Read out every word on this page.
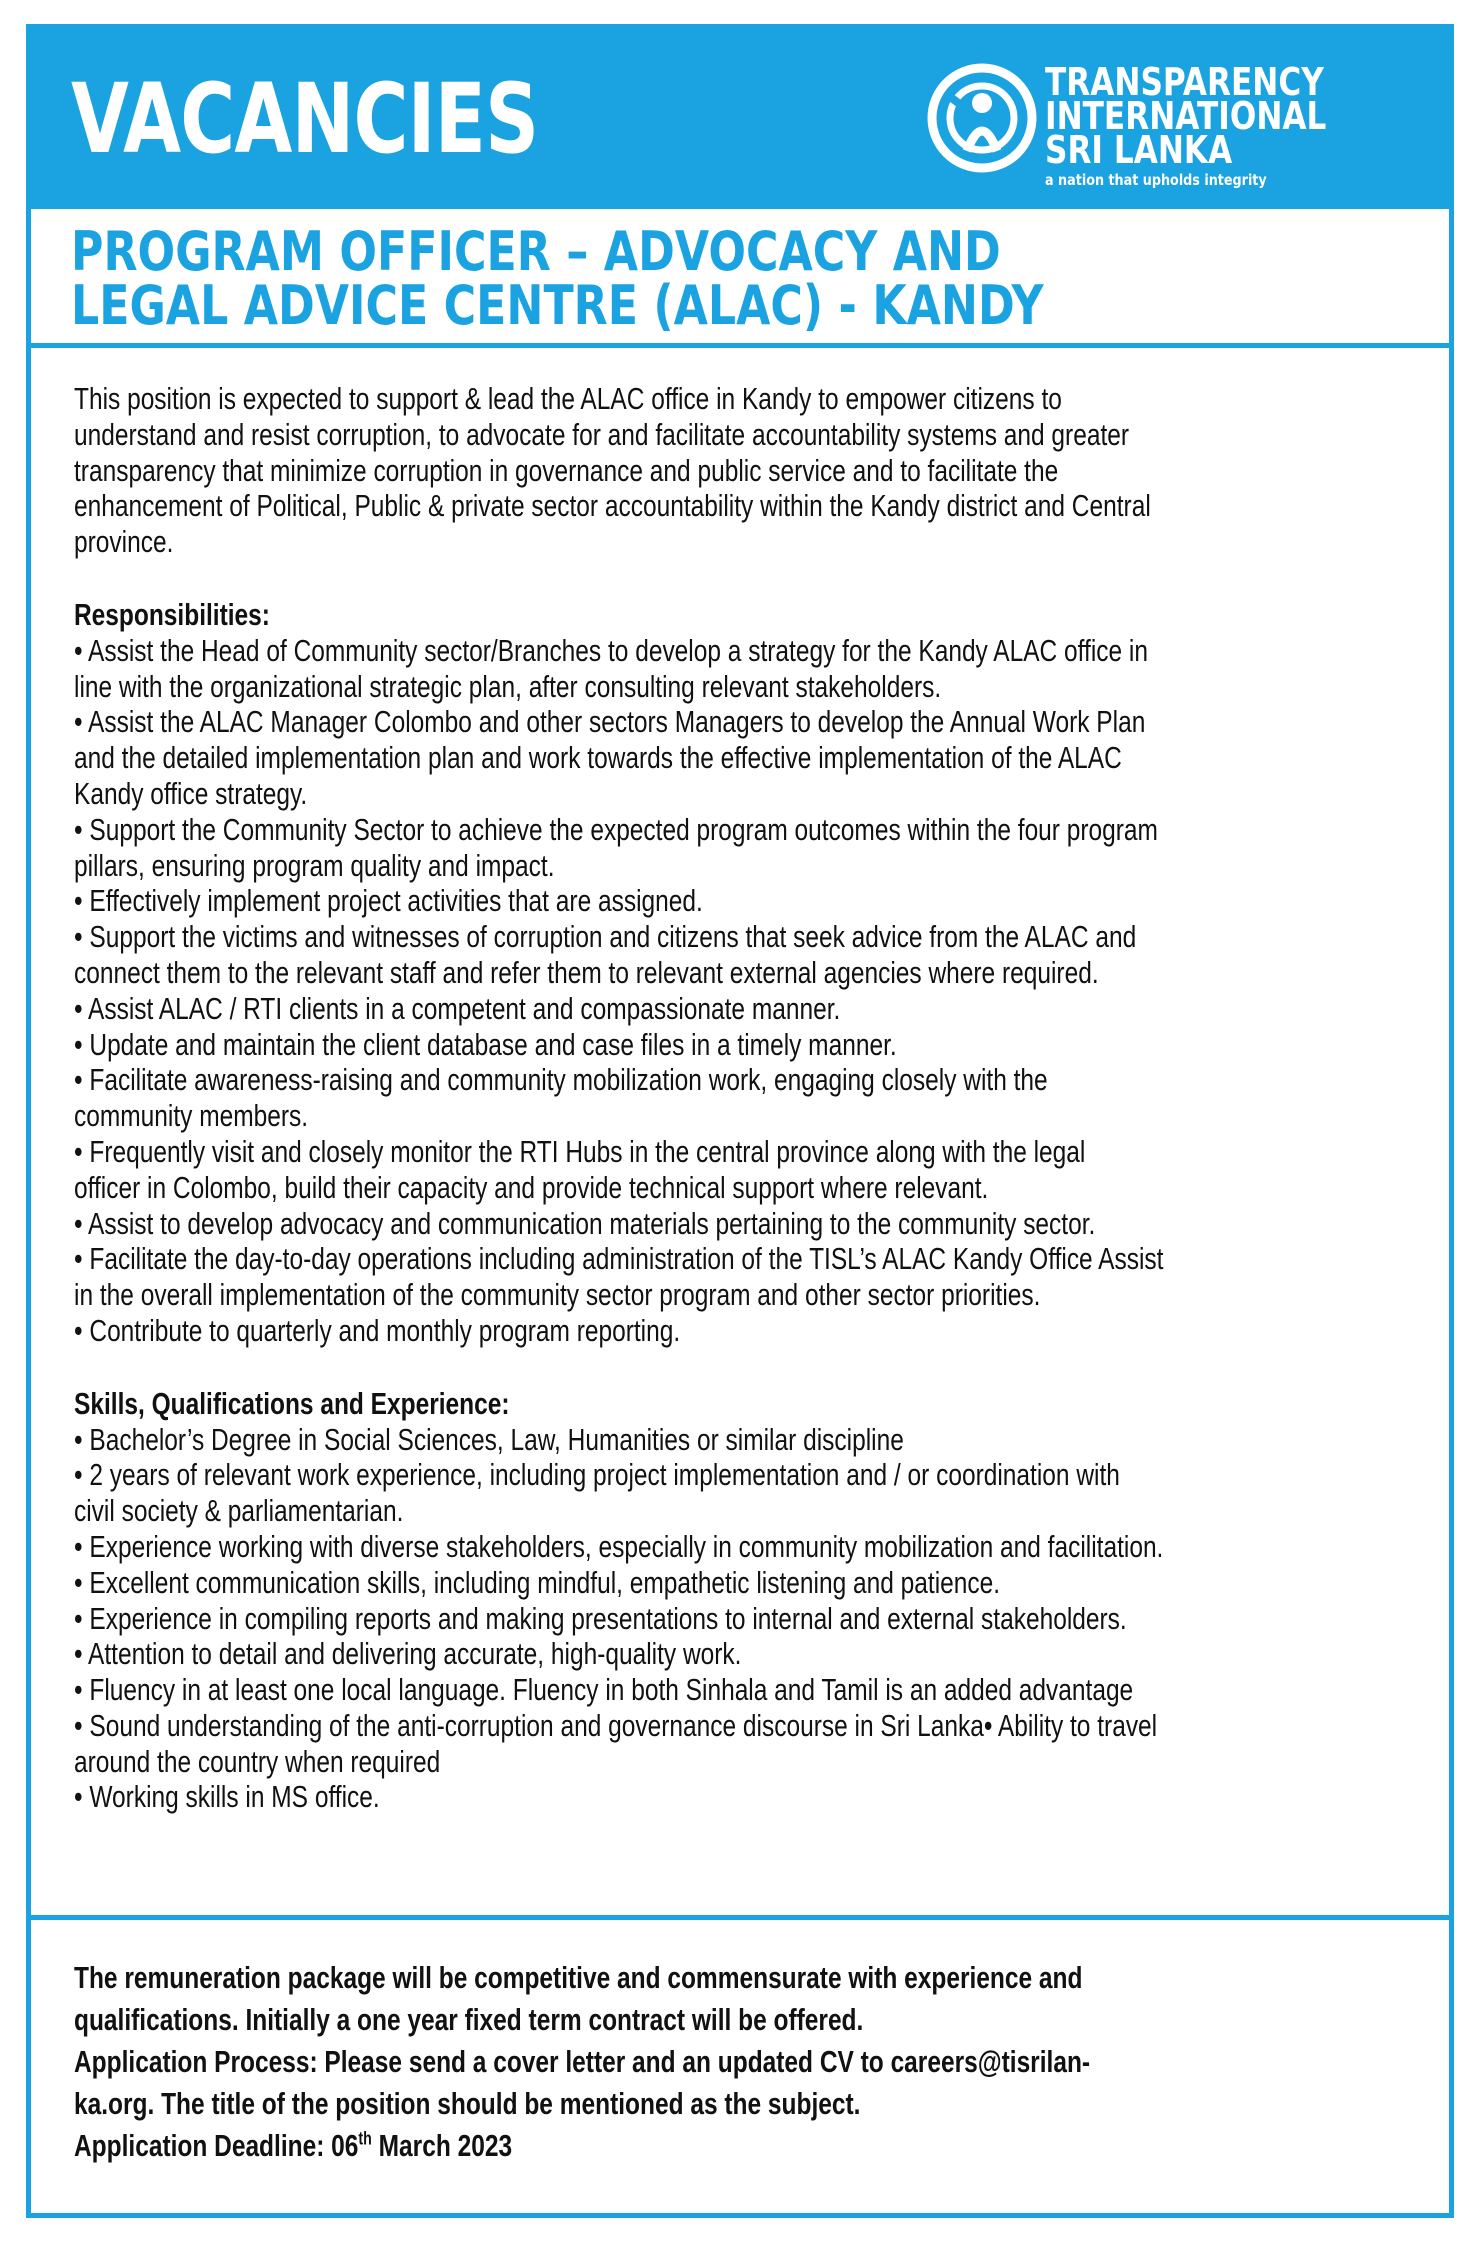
VACANCIES	TRANSPARENCY
INTERNATIONAL
SRI LANKA
a nation that upholds integrity
PROGRAM OFFICER – ADVOCACY AND
LEGAL ADVICE CENTRE (ALAC) - KANDY

This position is expected to support & lead the ALAC office in Kandy to empower citizens to

understand and resist corruption, to advocate for and facilitate accountability systems and greater

transparency that minimize corruption in governance and public service and to facilitate the

enhancement of Political, Public & private sector accountability within the Kandy district and Central

province.

Responsibilities:

• Assist the Head of Community sector/Branches to develop a strategy for the Kandy ALAC office in

line with the organizational strategic plan, after consulting relevant stakeholders.

• Assist the ALAC Manager Colombo and other sectors Managers to develop the Annual Work Plan

and the detailed implementation plan and work towards the effective implementation of the ALAC

Kandy office strategy.

• Support the Community Sector to achieve the expected program outcomes within the four program

pillars, ensuring program quality and impact.

• Effectively implement project activities that are assigned.

• Support the victims and witnesses of corruption and citizens that seek advice from the ALAC and

connect them to the relevant staff and refer them to relevant external agencies where required.

• Assist ALAC / RTI clients in a competent and compassionate manner.

• Update and maintain the client database and case files in a timely manner.

• Facilitate awareness-raising and community mobilization work, engaging closely with the

community members.

• Frequently visit and closely monitor the RTI Hubs in the central province along with the legal

officer in Colombo, build their capacity and provide technical support where relevant.

• Assist to develop advocacy and communication materials pertaining to the community sector.

• Facilitate the day-to-day operations including administration of the TISL’s ALAC Kandy Office Assist

in the overall implementation of the community sector program and other sector priorities.

• Contribute to quarterly and monthly program reporting.

Skills, Qualifications and Experience:

• Bachelor’s Degree in Social Sciences, Law, Humanities or similar discipline

• 2 years of relevant work experience, including project implementation and / or coordination with

civil society & parliamentarian.

• Experience working with diverse stakeholders, especially in community mobilization and facilitation.

• Excellent communication skills, including mindful, empathetic listening and patience.

• Experience in compiling reports and making presentations to internal and external stakeholders.

• Attention to detail and delivering accurate, high-quality work.

• Fluency in at least one local language. Fluency in both Sinhala and Tamil is an added advantage

• Sound understanding of the anti-corruption and governance discourse in Sri Lanka• Ability to travel

around the country when required

• Working skills in MS office.

The remuneration package will be competitive and commensurate with experience and

qualifications. Initially a one year fixed term contract will be offered.

Application Process: Please send a cover letter and an updated CV to careers@tisrilan-

ka.org. The title of the position should be mentioned as the subject.

Application Deadline: 06th March 2023
